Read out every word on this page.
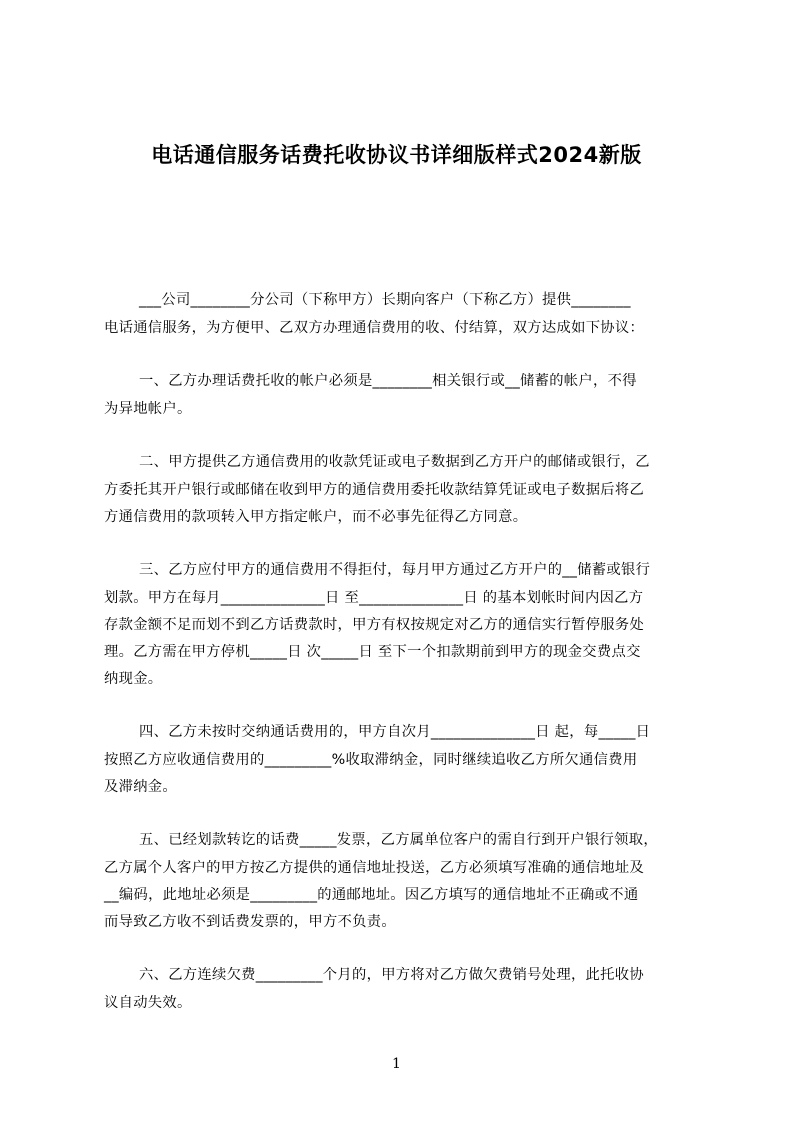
电话通信服务话费托收协议书详细版样式2024新版
___公司________分公司（下称甲方）长期向客户（下称乙方）提供________
电话通信服务，为方便甲、乙双方办理通信费用的收、付结算，双方达成如下协议：
一、乙方办理话费托收的帐户必须是________相关银行或__储蓄的帐户，不得
为异地帐户。
二、甲方提供乙方通信费用的收款凭证或电子数据到乙方开户的邮储或银行，乙
方委托其开户银行或邮储在收到甲方的通信费用委托收款结算凭证或电子数据后将乙
方通信费用的款项转入甲方指定帐户，而不必事先征得乙方同意。
三、乙方应付甲方的通信费用不得拒付，每月甲方通过乙方开户的__储蓄或银行
划款。甲方在每月______________日 至______________日 的基本划帐时间内因乙方
存款金额不足而划不到乙方话费款时，甲方有权按规定对乙方的通信实行暂停服务处
理。乙方需在甲方停机_____日 次_____日 至下一个扣款期前到甲方的现金交费点交
纳现金。
四、乙方未按时交纳通话费用的，甲方自次月______________日 起，每_____日
按照乙方应收通信费用的_________%收取滞纳金，同时继续追收乙方所欠通信费用
及滞纳金。
五、已经划款转讫的话费_____发票，乙方属单位客户的需自行到开户银行领取，
乙方属个人客户的甲方按乙方提供的通信地址投送，乙方必须填写准确的通信地址及
__编码，此地址必须是_________的通邮地址。因乙方填写的通信地址不正确或不通
而导致乙方收不到话费发票的，甲方不负责。
六、乙方连续欠费_________个月的，甲方将对乙方做欠费销号处理，此托收协
议自动失效。
1
